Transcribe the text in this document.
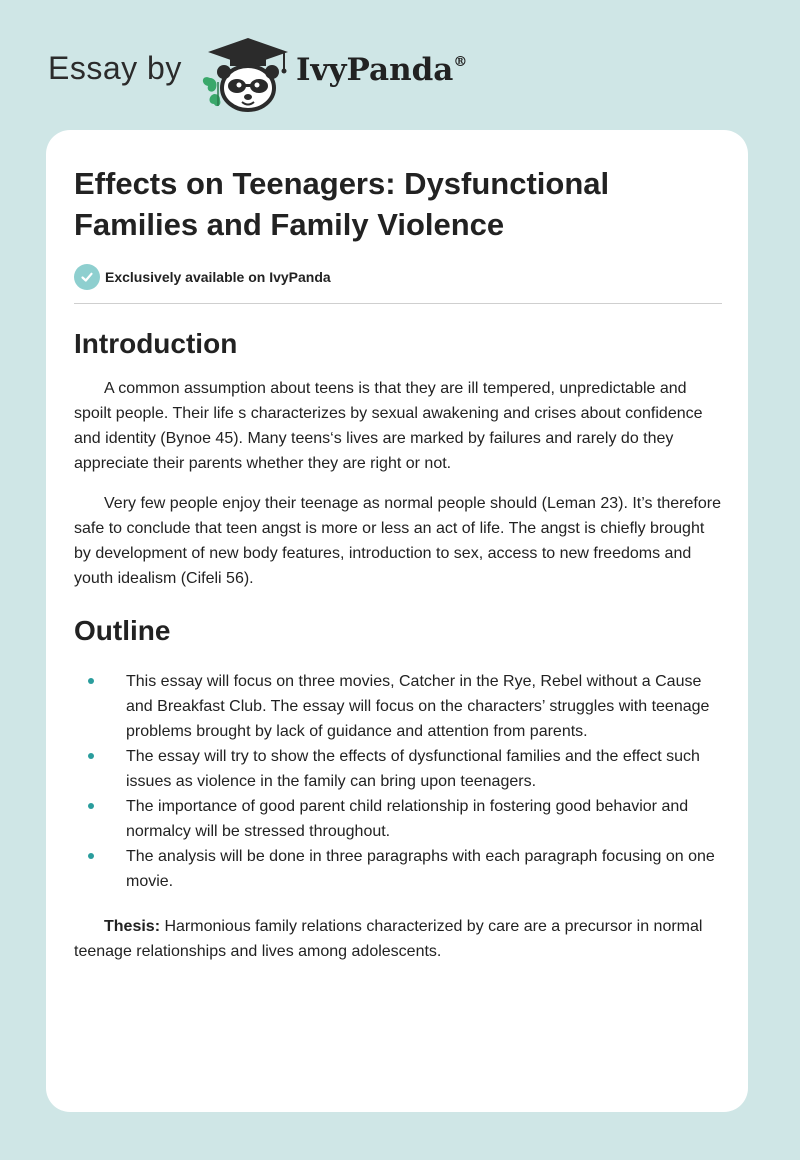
Essay by	IvyPanda®
Effects on Teenagers: Dysfunctional Families and Family Violence
Exclusively available on IvyPanda
Introduction

A common assumption about teens is that they are ill tempered, unpredictable and spoilt people. Their life s characterizes by sexual awakening and crises about confidence and identity (Bynoe 45). Many teens‘s lives are marked by failures and rarely do they appreciate their parents whether they are right or not.

Very few people enjoy their teenage as normal people should (Leman 23). It’s therefore safe to conclude that teen angst is more or less an act of life. The angst is chiefly brought by development of new body features, introduction to sex, access to new freedoms and youth idealism (Cifeli 56).

Outline
This essay will focus on three movies, Catcher in the Rye, Rebel without a Cause and Breakfast Club. The essay will focus on the characters’ struggles with teenage problems brought by lack of guidance and attention from parents.
The essay will try to show the effects of dysfunctional families and the effect such issues as violence in the family can bring upon teenagers.
The importance of good parent child relationship in fostering good behavior and normalcy will be stressed throughout.
The analysis will be done in three paragraphs with each paragraph focusing on one movie.

Thesis: Harmonious family relations characterized by care are a precursor in normal teenage relationships and lives among adolescents.
